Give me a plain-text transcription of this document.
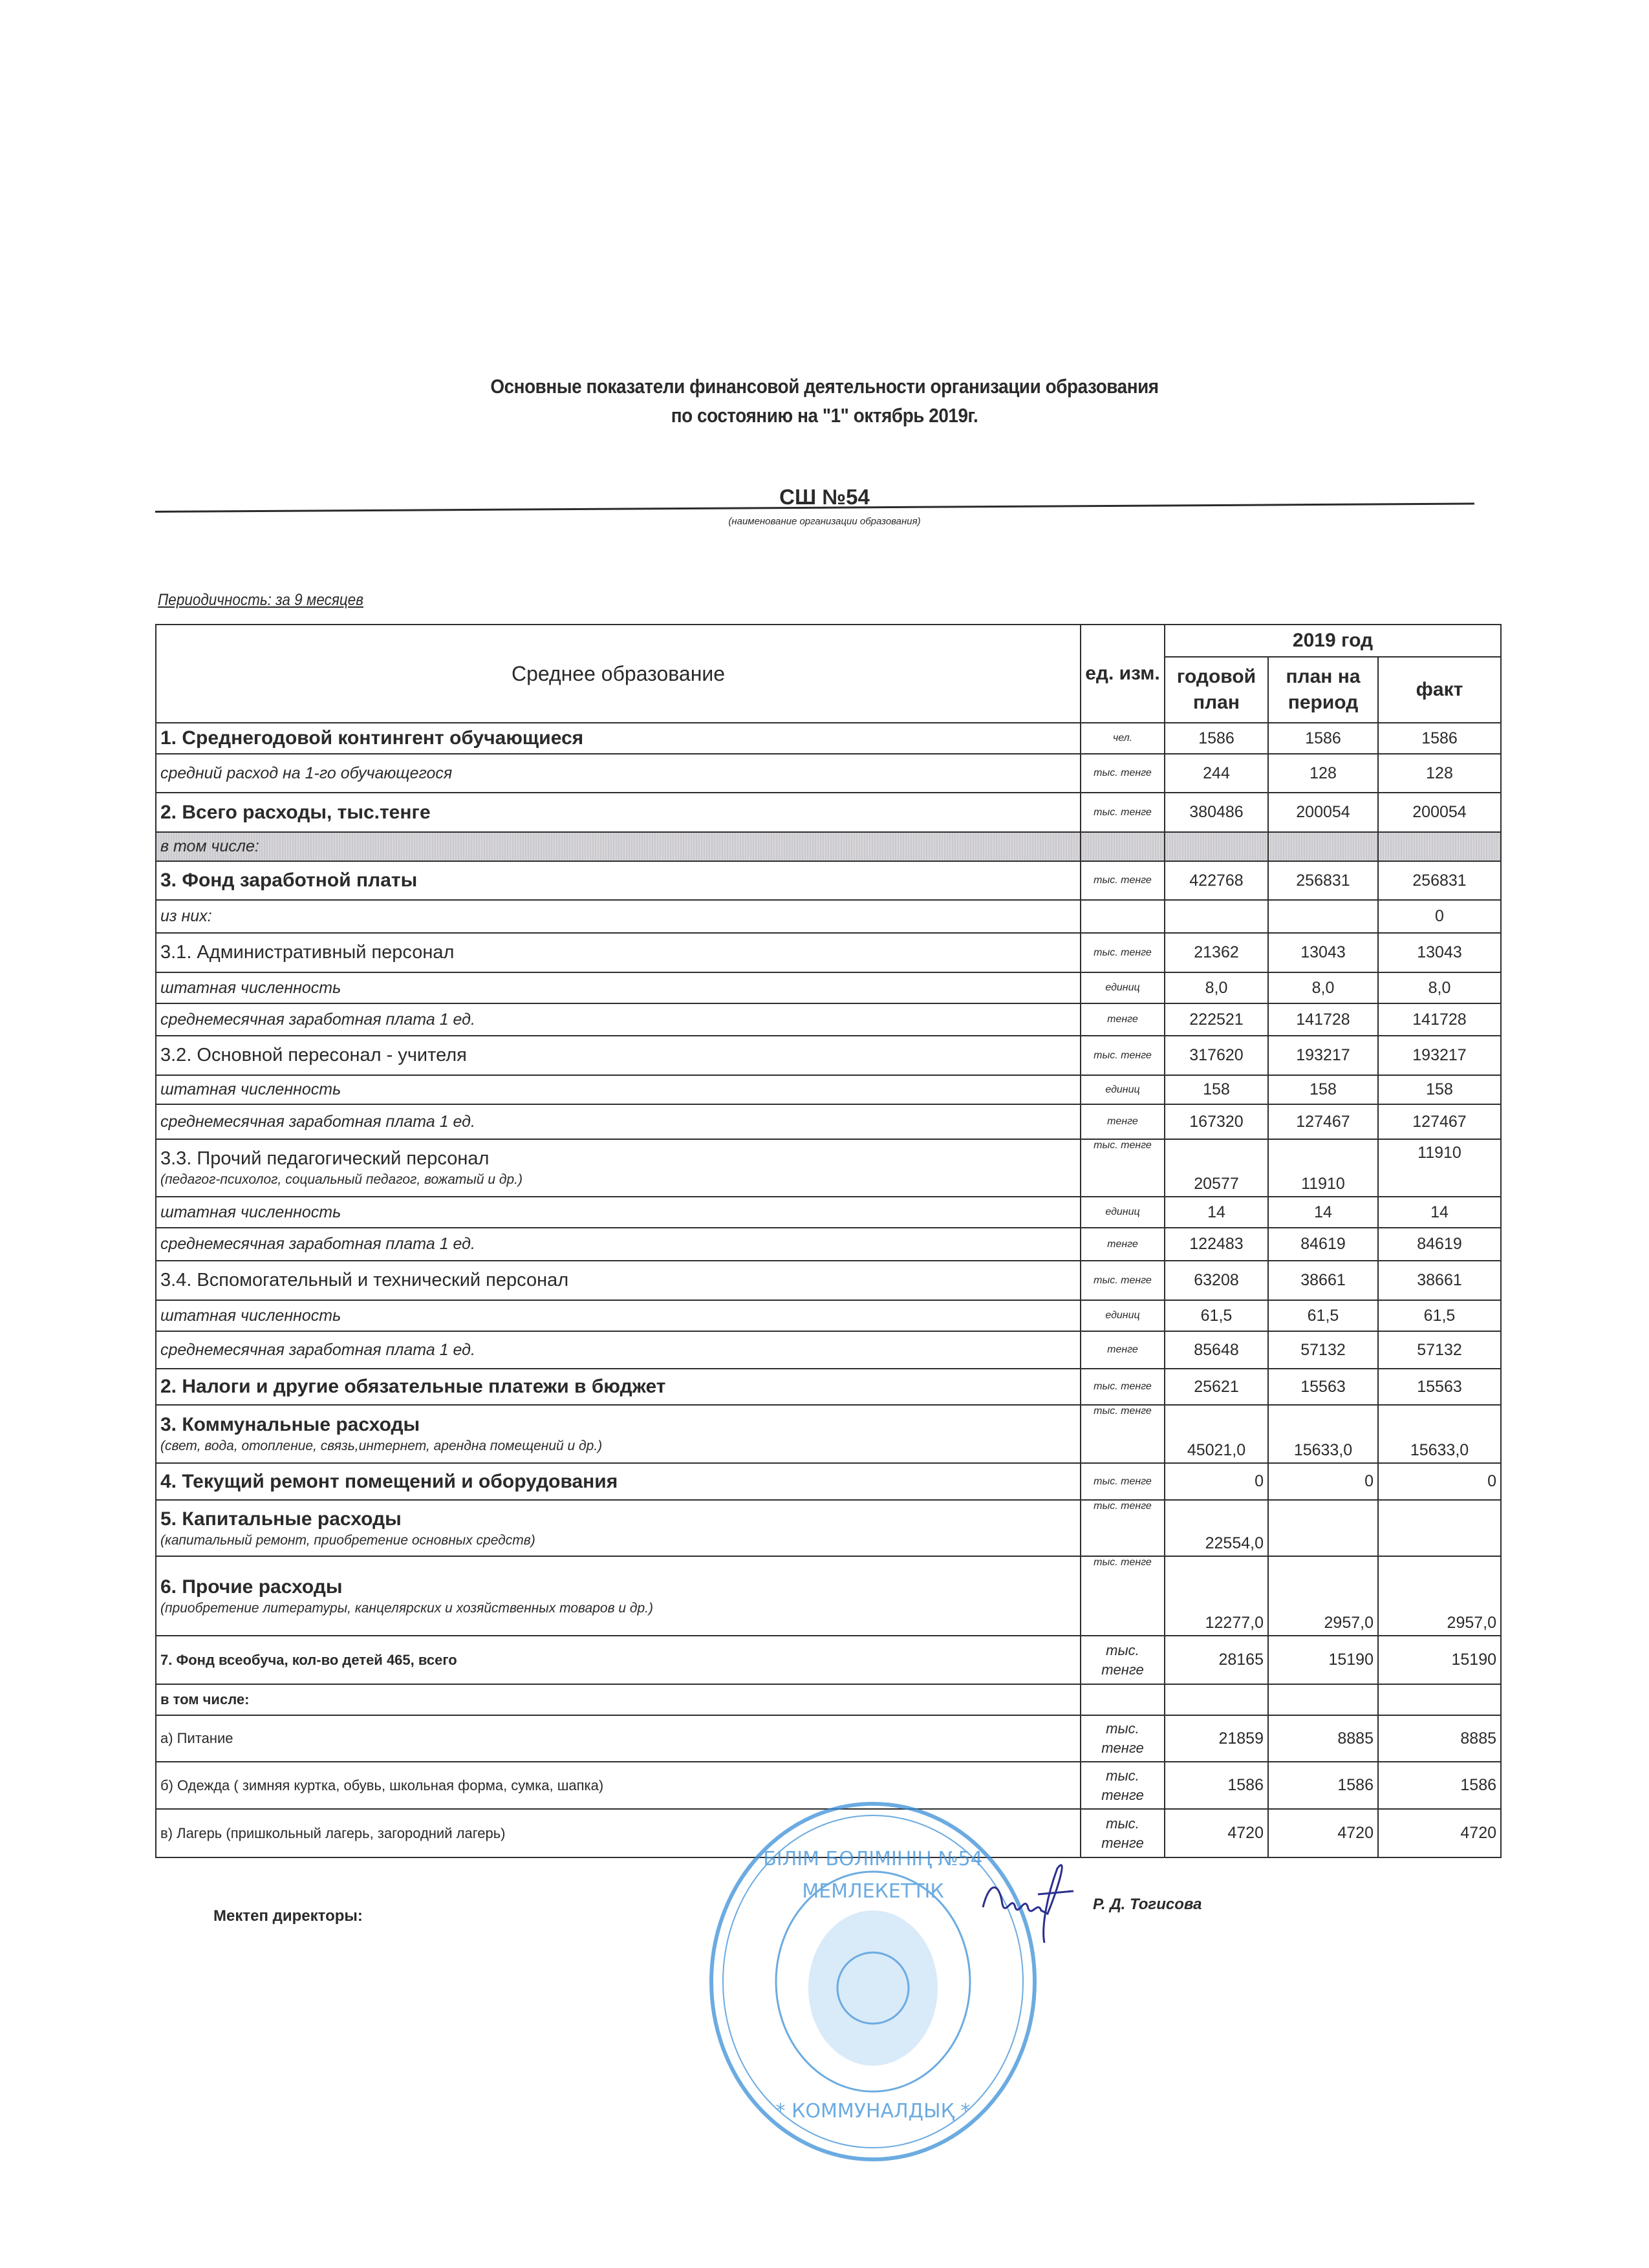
Основные показатели финансовой деятельности организации образования
по состоянию на "1" октябрь 2019г.
СШ №54
(наименование организации образования)
Периодичность: за 9 месяцев
Среднее образование	ед. изм.	2019 год		
		годовой план	план на период	факт
1. Среднегодовой контингент обучающиеся	чел.	1586	1586	1586
средний расход на 1-го обучающегося	тыс. тенге	244	128	128
2. Всего расходы, тыс.тенге	тыс. тенге	380486	200054	200054
в том числе:				
3. Фонд заработной платы	тыс. тенге	422768	256831	256831
из них:				0
3.1. Административный персонал	тыс. тенге	21362	13043	13043
штатная численность	единиц	8,0	8,0	8,0
среднемесячная заработная плата 1 ед.	тенге	222521	141728	141728
3.2. Основной пересонал - учителя	тыс. тенге	317620	193217	193217
штатная численность	единиц	158	158	158
среднемесячная заработная плата 1 ед.	тенге	167320	127467	127467
3.3. Прочий педагогический персонал
(педагог-психолог, социальный педагог, вожатый и др.)	тыс. тенге	20577	11910	11910
штатная численность	единиц	14	14	14
среднемесячная заработная плата 1 ед.	тенге	122483	84619	84619
3.4. Вспомогательный и технический персонал	тыс. тенге	63208	38661	38661
штатная численность	единиц	61,5	61,5	61,5
среднемесячная заработная плата 1 ед.	тенге	85648	57132	57132
2. Налоги и другие обязательные платежи в бюджет	тыс. тенге	25621	15563	15563
3. Коммунальные расходы
(свет, вода, отопление, связь,интернет, арендна помещений и др.)	тыс. тенге	45021,0	15633,0	15633,0
4. Текущий ремонт помещений и оборудования	тыс. тенге	0	0	0
5. Капитальные расходы
(капитальный ремонт, приобретение основных средств)	тыс. тенге	22554,0		
6. Прочие расходы
(приобретение литературы, канцелярских и хозяйственных товаров и др.)	тыс. тенге	12277,0	2957,0	2957,0
7. Фонд всеобуча, кол-во детей 465, всего	тыс. тенге	28165	15190	15190
в том числе:				
а) Питание	тыс. тенге	21859	8885	8885
б) Одежда ( зимняя куртка, обувь, школьная форма, сумка, шапка)	тыс. тенге	1586	1586	1586
в) Лагерь (пришкольный лагерь, загородний лагерь)	тыс. тенге	4720	4720	4720
Мектеп директоры:
БІЛІМ БӨЛІМІНІҢ №54
МЕМЛЕКЕТТІК
* КОММУНАЛДЫҚ *
Р. Д. Тогисова
